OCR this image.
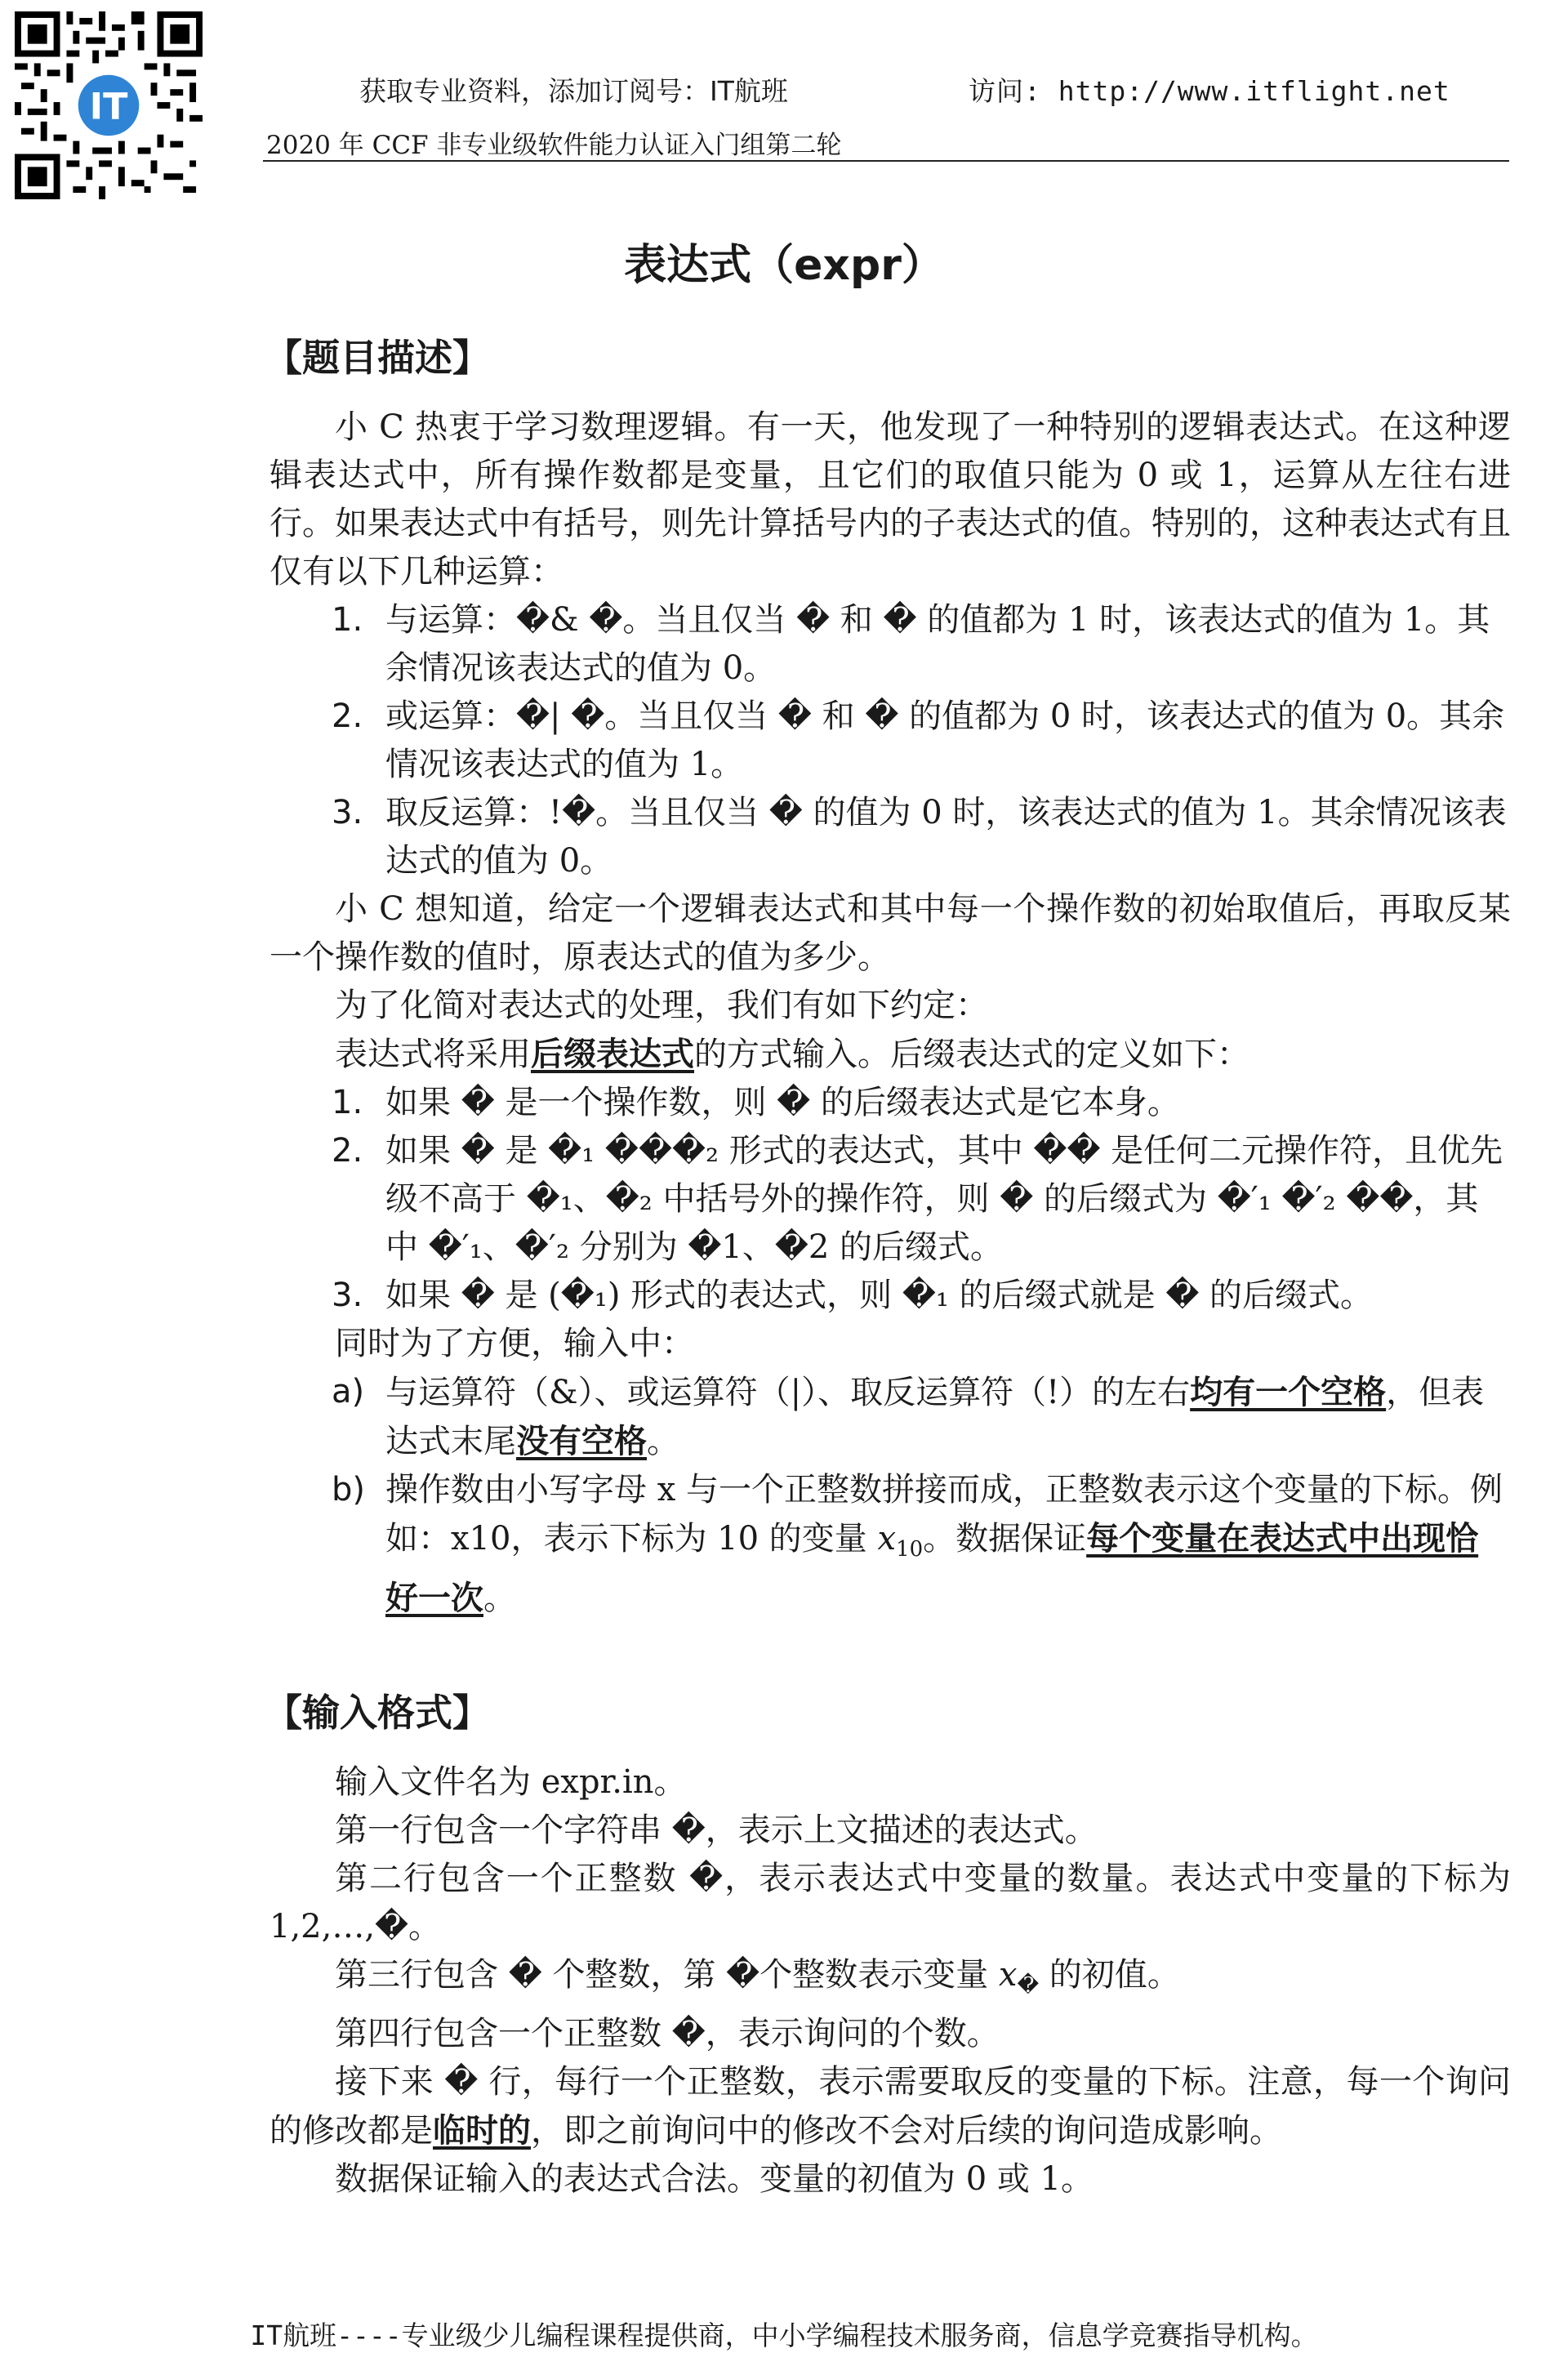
IT	获取专业资料，添加订阅号：IT航班	访问: http://www.itflight.net
2020 年 CCF 非专业级软件能力认证入门组第二轮
表达式（expr）
【题目描述】

小 C 热衷于学习数理逻辑。有一天，他发现了一种特别的逻辑表达式。在这种逻辑表达式中，所有操作数都是变量，且它们的取值只能为 0 或 1，运算从左往右进行。如果表达式中有括号，则先计算括号内的子表达式的值。特别的，这种表达式有且仅有以下几种运算：

1. 与运算：�& �。当且仅当 � 和 � 的值都为 1 时，该表达式的值为 1。其余情况该表达式的值为 0。
2. 或运算：�| �。当且仅当 � 和 � 的值都为 0 时，该表达式的值为 0。其余情况该表达式的值为 1。
3. 取反运算：!�。当且仅当 � 的值为 0 时，该表达式的值为 1。其余情况该表达式的值为 0。

小 C 想知道，给定一个逻辑表达式和其中每一个操作数的初始取值后，再取反某一个操作数的值时，原表达式的值为多少。

为了化简对表达式的处理，我们有如下约定：

表达式将采用后缀表达式的方式输入。后缀表达式的定义如下：

1. 如果 � 是一个操作数，则 � 的后缀表达式是它本身。
2. 如果 � 是 �₁ ���₂ 形式的表达式，其中 �� 是任何二元操作符，且优先级不高于 �₁、�₂ 中括号外的操作符，则 � 的后缀式为 �′₁ �′₂ ��，其中 �′₁、�′₂ 分别为 �1、�2 的后缀式。
3. 如果 � 是 (�₁) 形式的表达式，则 �₁ 的后缀式就是 � 的后缀式。

同时为了方便，输入中：

a) 与运算符（&）、或运算符（|）、取反运算符（!）的左右均有一个空格，但表达式末尾没有空格。
b) 操作数由小写字母 x 与一个正整数拼接而成，正整数表示这个变量的下标。例如：x10，表示下标为 10 的变量 $x_{10}$。数据保证每个变量在表达式中出现恰好一次。
【输入格式】

输入文件名为 expr.in。

第一行包含一个字符串 �，表示上文描述的表达式。

第二行包含一个正整数 �，表示表达式中变量的数量。表达式中变量的下标为 1,2,…,�。

第三行包含 � 个整数，第 �个整数表示变量 $x_�$ 的初值。

第四行包含一个正整数 �，表示询问的个数。

接下来 � 行，每行一个正整数，表示需要取反的变量的下标。注意，每一个询问的修改都是临时的，即之前询问中的修改不会对后续的询问造成影响。

数据保证输入的表达式合法。变量的初值为 0 或 1。

IT航班----专业级少儿编程课程提供商，中小学编程技术服务商，信息学竞赛指导机构。
